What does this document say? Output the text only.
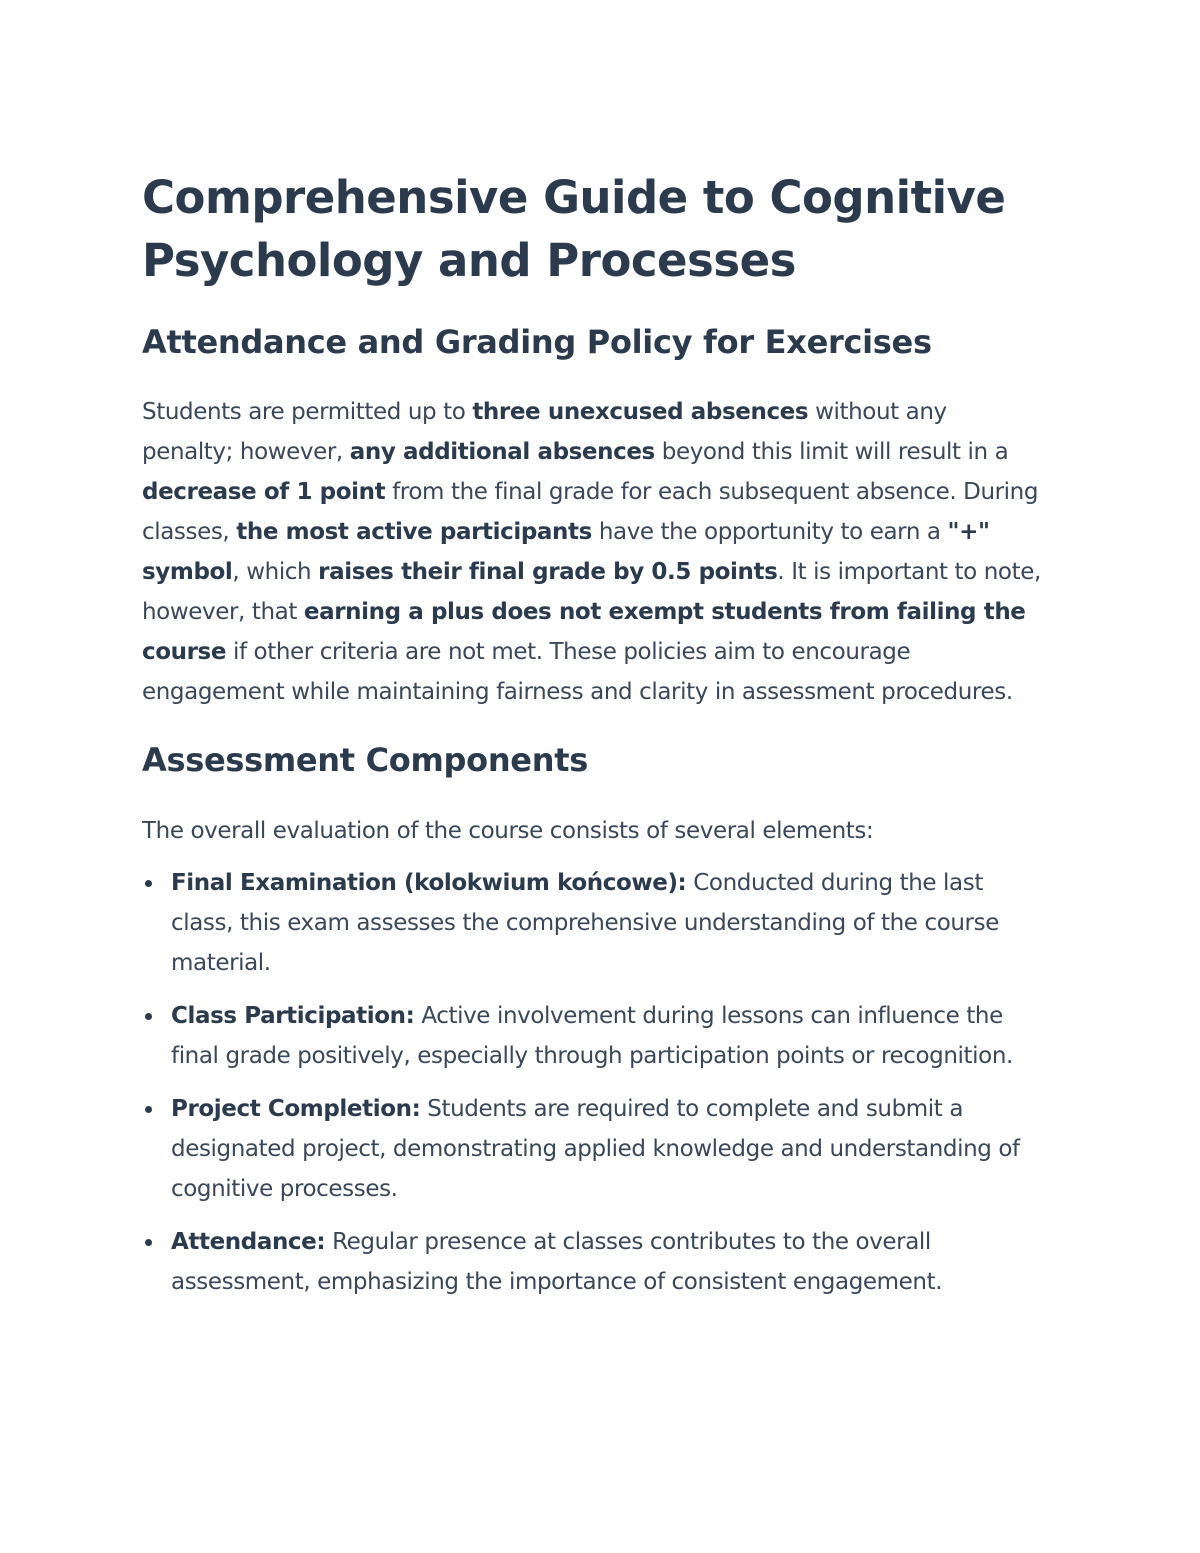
Comprehensive Guide to Cognitive Psychology and Processes
Attendance and Grading Policy for Exercises

Students are permitted up to three unexcused absences without any penalty; however, any additional absences beyond this limit will result in a decrease of 1 point from the final grade for each subsequent absence. During classes, the most active participants have the opportunity to earn a "+" symbol, which raises their final grade by 0.5 points. It is important to note, however, that earning a plus does not exempt students from failing the course if other criteria are not met. These policies aim to encourage engagement while maintaining fairness and clarity in assessment procedures.

Assessment Components

The overall evaluation of the course consists of several elements:

Final Examination (kolokwium końcowe): Conducted during the last class, this exam assesses the comprehensive understanding of the course material.
Class Participation: Active involvement during lessons can influence the final grade positively, especially through participation points or recognition.
Project Completion: Students are required to complete and submit a designated project, demonstrating applied knowledge and understanding of cognitive processes.
Attendance: Regular presence at classes contributes to the overall assessment, emphasizing the importance of consistent engagement.
